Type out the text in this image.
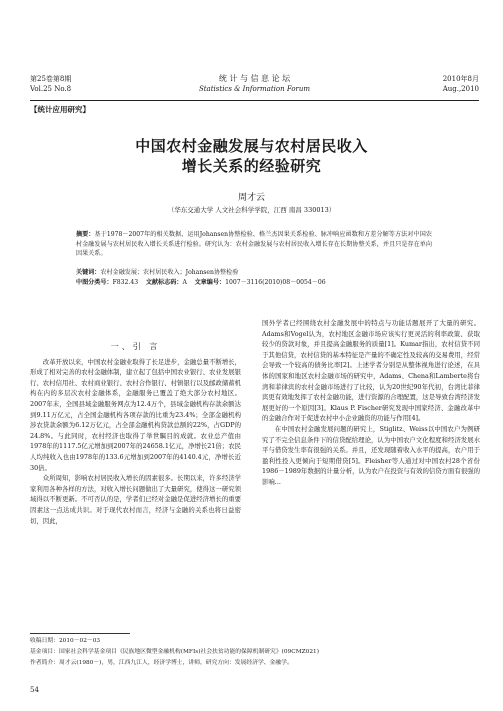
第25卷第8期
Vol.25 No.8
统 计 与 信 息 论 坛
Statistics & Information Forum
2010年8月
Aug.,2010
【统计应用研究】
中国农村金融发展与农村居民收入
增长关系的经验研究
周才云
（华东交通大学 人文社会科学学院，江西 南昌 330013）
摘要：基于1978－2007年的相关数据，运用Johansen协整检验、格兰杰因果关系检验、脉冲响应函数和方差分解等方法对中国农村金融发展与农村居民收入增长关系进行检验。研究认为：农村金融发展与农村居民收入增长存在长期协整关系，并且只是存在单向因果关系。
关键词：农村金融发展；农村居民收入；Johansen协整检验
中图分类号：F832.43 文献标志码：A 文章编号：1007－3116(2010)08－0054－06
一、引 言

改革开放以来，中国农村金融业取得了长足进步，金融总量不断增长，形成了相对完善的农村金融体制，建立起了包括中国农业银行、农业发展银行、农村信用社、农村商业银行、农村合作银行、村镇银行以及邮政储蓄机构在内的多层次农村金融体系，金融服务已覆盖了绝大部分农村地区。2007年末，全国县域金融服务网点为12.4万个，县域金融机构存款余额达到9.11万亿元，占全国金融机构各项存款的比重为23.4%；全部金融机构涉农贷款余额为6.12万亿元，占全部金融机构贷款总额的22%，占GDP的24.8%。与此同时，农村经济也取得了举世瞩目的成就。农业总产值由1978年的1117.5亿元增加到2007年的24658.1亿元，净增长21倍；农民人均纯收入也由1978年的133.6元增加到2007年的4140.4元，净增长近30倍。

众所周知，影响农村居民收入增长的因素很多。长期以来，许多经济学家利用各种各样的方法，对收入增长问题做出了大量研究，使得这一研究领域得以不断更新。不可否认的是，学者们已经对金融是促进经济增长的重要因素这一点达成共识。对于现代农村而言，经济与金融的关系也将日益密切，因此，

国外学者已经围绕农村金融发展中的特点与功能话题展开了大量的研究。Adams和Vogel认为，农村地区金融市场应该实行更灵活的利率政策、获取较少的贷款对象，并且提高金融服务的质量[1]。Kumar指出，农村信贷不同于其他信贷，农村信贷的基本特征是产量的不确定性及较高的交易费用，经常会导致一个较高的债务比率[2]。上述学者分别是从整体视角进行论述，在具体的国家和地区农村金融市场的研究中，Adams、Chena和Lamberte将台湾和菲律宾的农村金融市场进行了比较，认为20世纪90年代初，台湾比菲律宾更有效地发挥了农村金融功能，进行资源的合理配置，这是导致台湾经济发展更好的一个原因[3]。Klaus P. Fischer研究发现中国家经济、金融改革中的金融合作对于促进农村中小企业融资的功能与作用[4]。

在中国农村金融发展问题的研究上，Stiglitz、Weiss以中国农户为例研究了不完全信息条件下的信贷配给理论，认为中国农户文化程度和经济发展水平与借贷发生率有很强的关系。并且，还发现随着收入水平的提高，农户用于盈利性投入更倾向于短期借贷[5]。Fleisher等人通过对中国农村28个省份1986－1989年数据的计量分析，认为农户在投资与有效的信贷方面有很强的影响...

收稿日期：2010－02－03
基金项目：国家社会科学基金项目《民族地区微型金融机构(MFIs)社会扶贫功能的保障机制研究》(09CMZ021)
作者简介：周才云(1980－)，男，江西九江人，经济学博士，讲师，研究方向：发展经济学、金融学。
54
